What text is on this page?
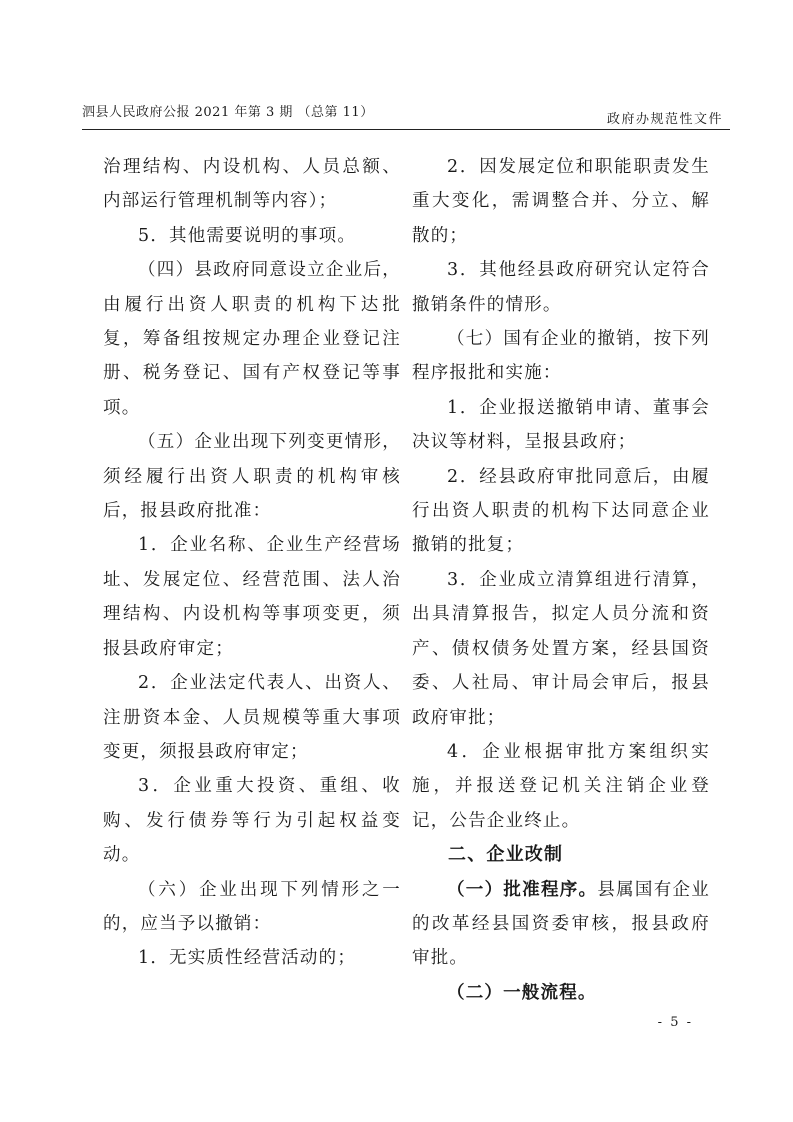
泗县人民政府公报 2021 年第 3 期 （总第 11）	政府办规范性文件

治理结构、内设机构、人员总额、内部运行管理机制等内容）；

5．其他需要说明的事项。

（四）县政府同意设立企业后，由履行出资人职责的机构下达批复，筹备组按规定办理企业登记注册、税务登记、国有产权登记等事项。

（五）企业出现下列变更情形，须经履行出资人职责的机构审核后，报县政府批准：

1．企业名称、企业生产经营场址、发展定位、经营范围、法人治理结构、内设机构等事项变更，须报县政府审定；

2．企业法定代表人、出资人、注册资本金、人员规模等重大事项变更，须报县政府审定；

3．企业重大投资、重组、收购、发行债券等行为引起权益变动。

（六）企业出现下列情形之一的，应当予以撤销：

1．无实质性经营活动的；

2．因发展定位和职能职责发生重大变化，需调整合并、分立、解散的；

3．其他经县政府研究认定符合撤销条件的情形。

（七）国有企业的撤销，按下列程序报批和实施：

1．企业报送撤销申请、董事会决议等材料，呈报县政府；

2．经县政府审批同意后，由履行出资人职责的机构下达同意企业撤销的批复；

3．企业成立清算组进行清算，出具清算报告，拟定人员分流和资产、债权债务处置方案，经县国资委、人社局、审计局会审后，报县政府审批；

4．企业根据审批方案组织实施，并报送登记机关注销企业登记，公告企业终止。

二、企业改制

（一）批准程序。县属国有企业的改革经县国资委审核，报县政府审批。

（二）一般流程。

- 5 -
